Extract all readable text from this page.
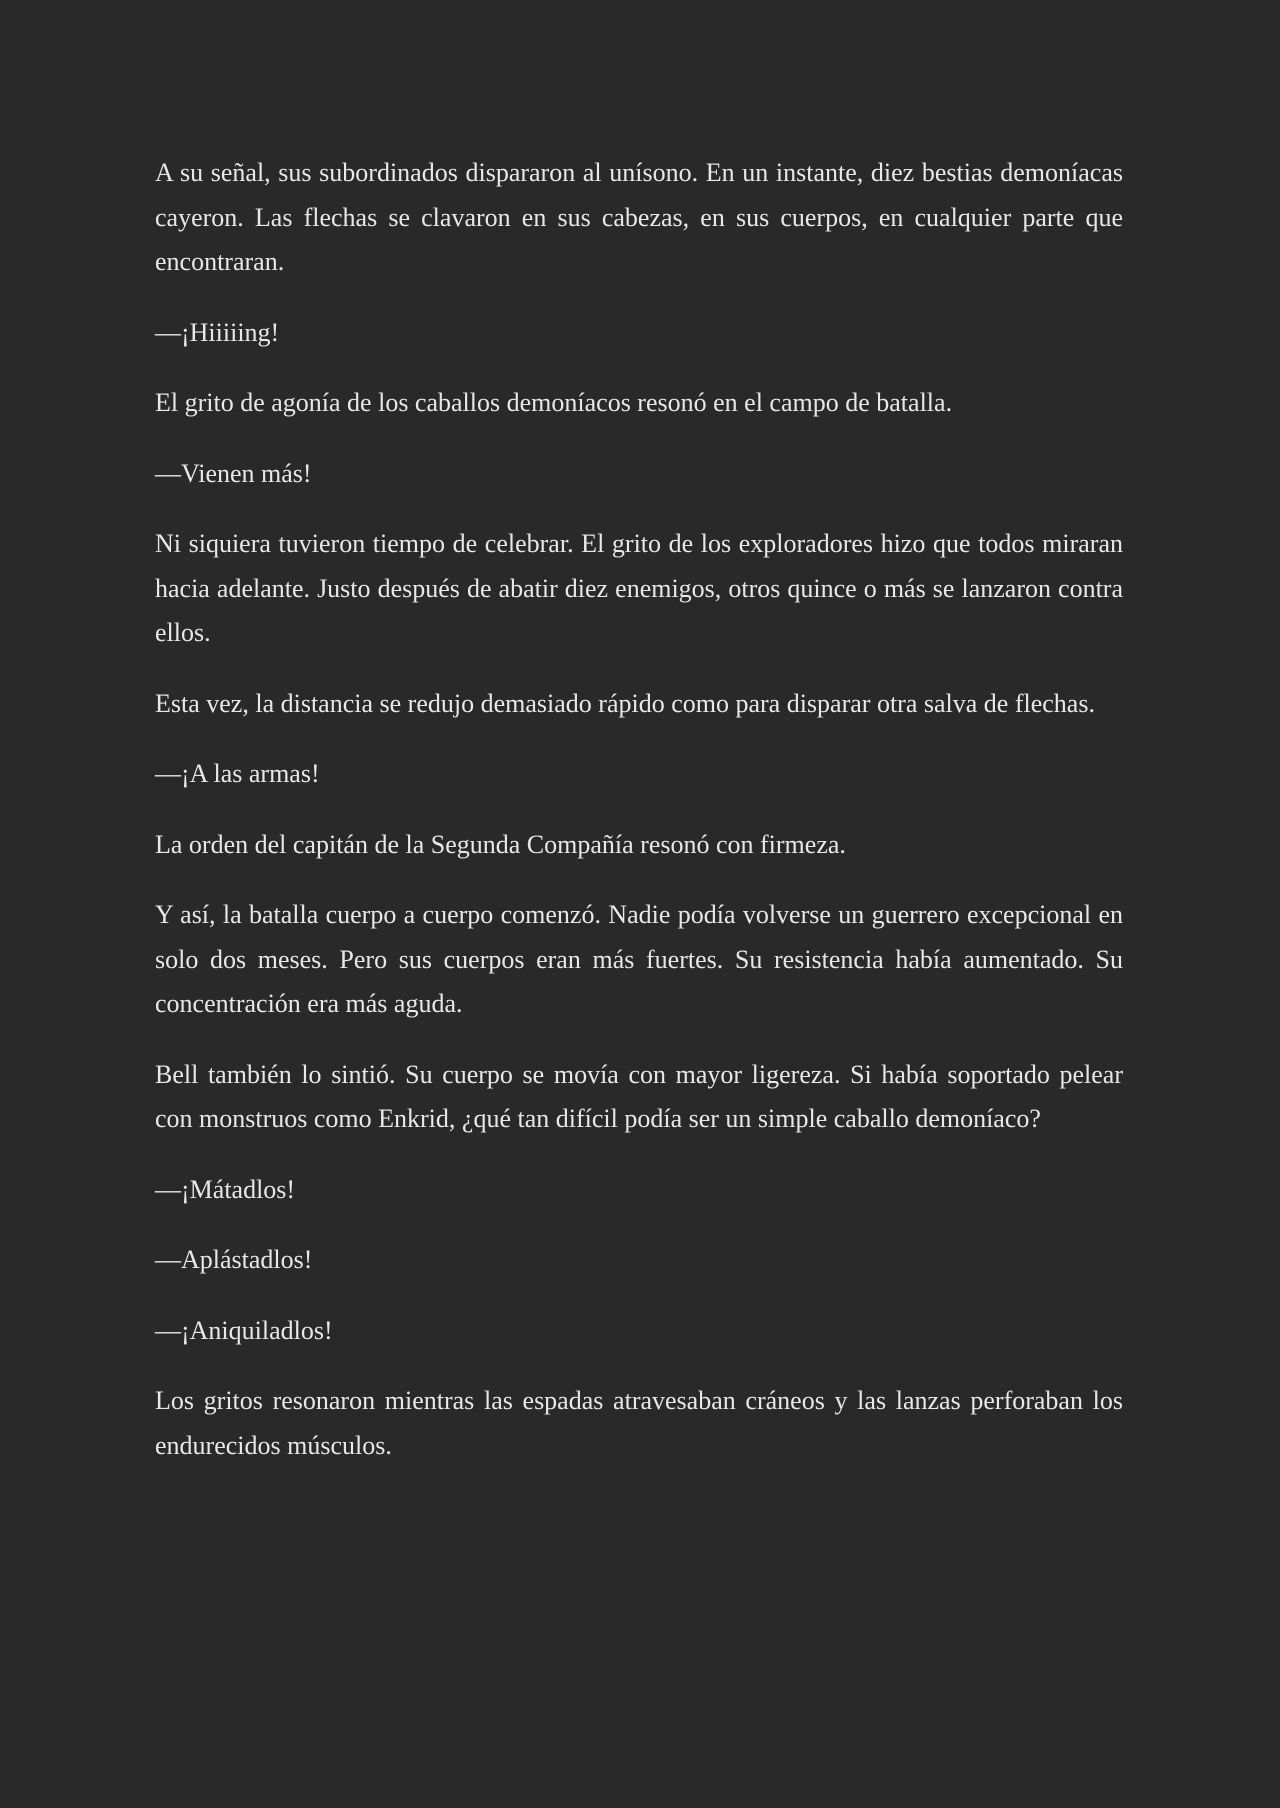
A su señal, sus subordinados dispararon al unísono. En un instante, diez bestias demoníacas cayeron. Las flechas se clavaron en sus cabezas, en sus cuerpos, en cualquier parte que encontraran.

—¡Hiiiiing!

El grito de agonía de los caballos demoníacos resonó en el campo de batalla.

—Vienen más!

Ni siquiera tuvieron tiempo de celebrar. El grito de los exploradores hizo que todos miraran hacia adelante. Justo después de abatir diez enemigos, otros quince o más se lanzaron contra ellos.

Esta vez, la distancia se redujo demasiado rápido como para disparar otra salva de flechas.

—¡A las armas!

La orden del capitán de la Segunda Compañía resonó con firmeza.

Y así, la batalla cuerpo a cuerpo comenzó. Nadie podía volverse un guerrero excepcional en solo dos meses. Pero sus cuerpos eran más fuertes. Su resistencia había aumentado. Su concentración era más aguda.

Bell también lo sintió. Su cuerpo se movía con mayor ligereza. Si había soportado pelear con monstruos como Enkrid, ¿qué tan difícil podía ser un simple caballo demoníaco?

—¡Mátadlos!

—Aplástadlos!

—¡Aniquiladlos!

Los gritos resonaron mientras las espadas atravesaban cráneos y las lanzas perforaban los endurecidos músculos.
